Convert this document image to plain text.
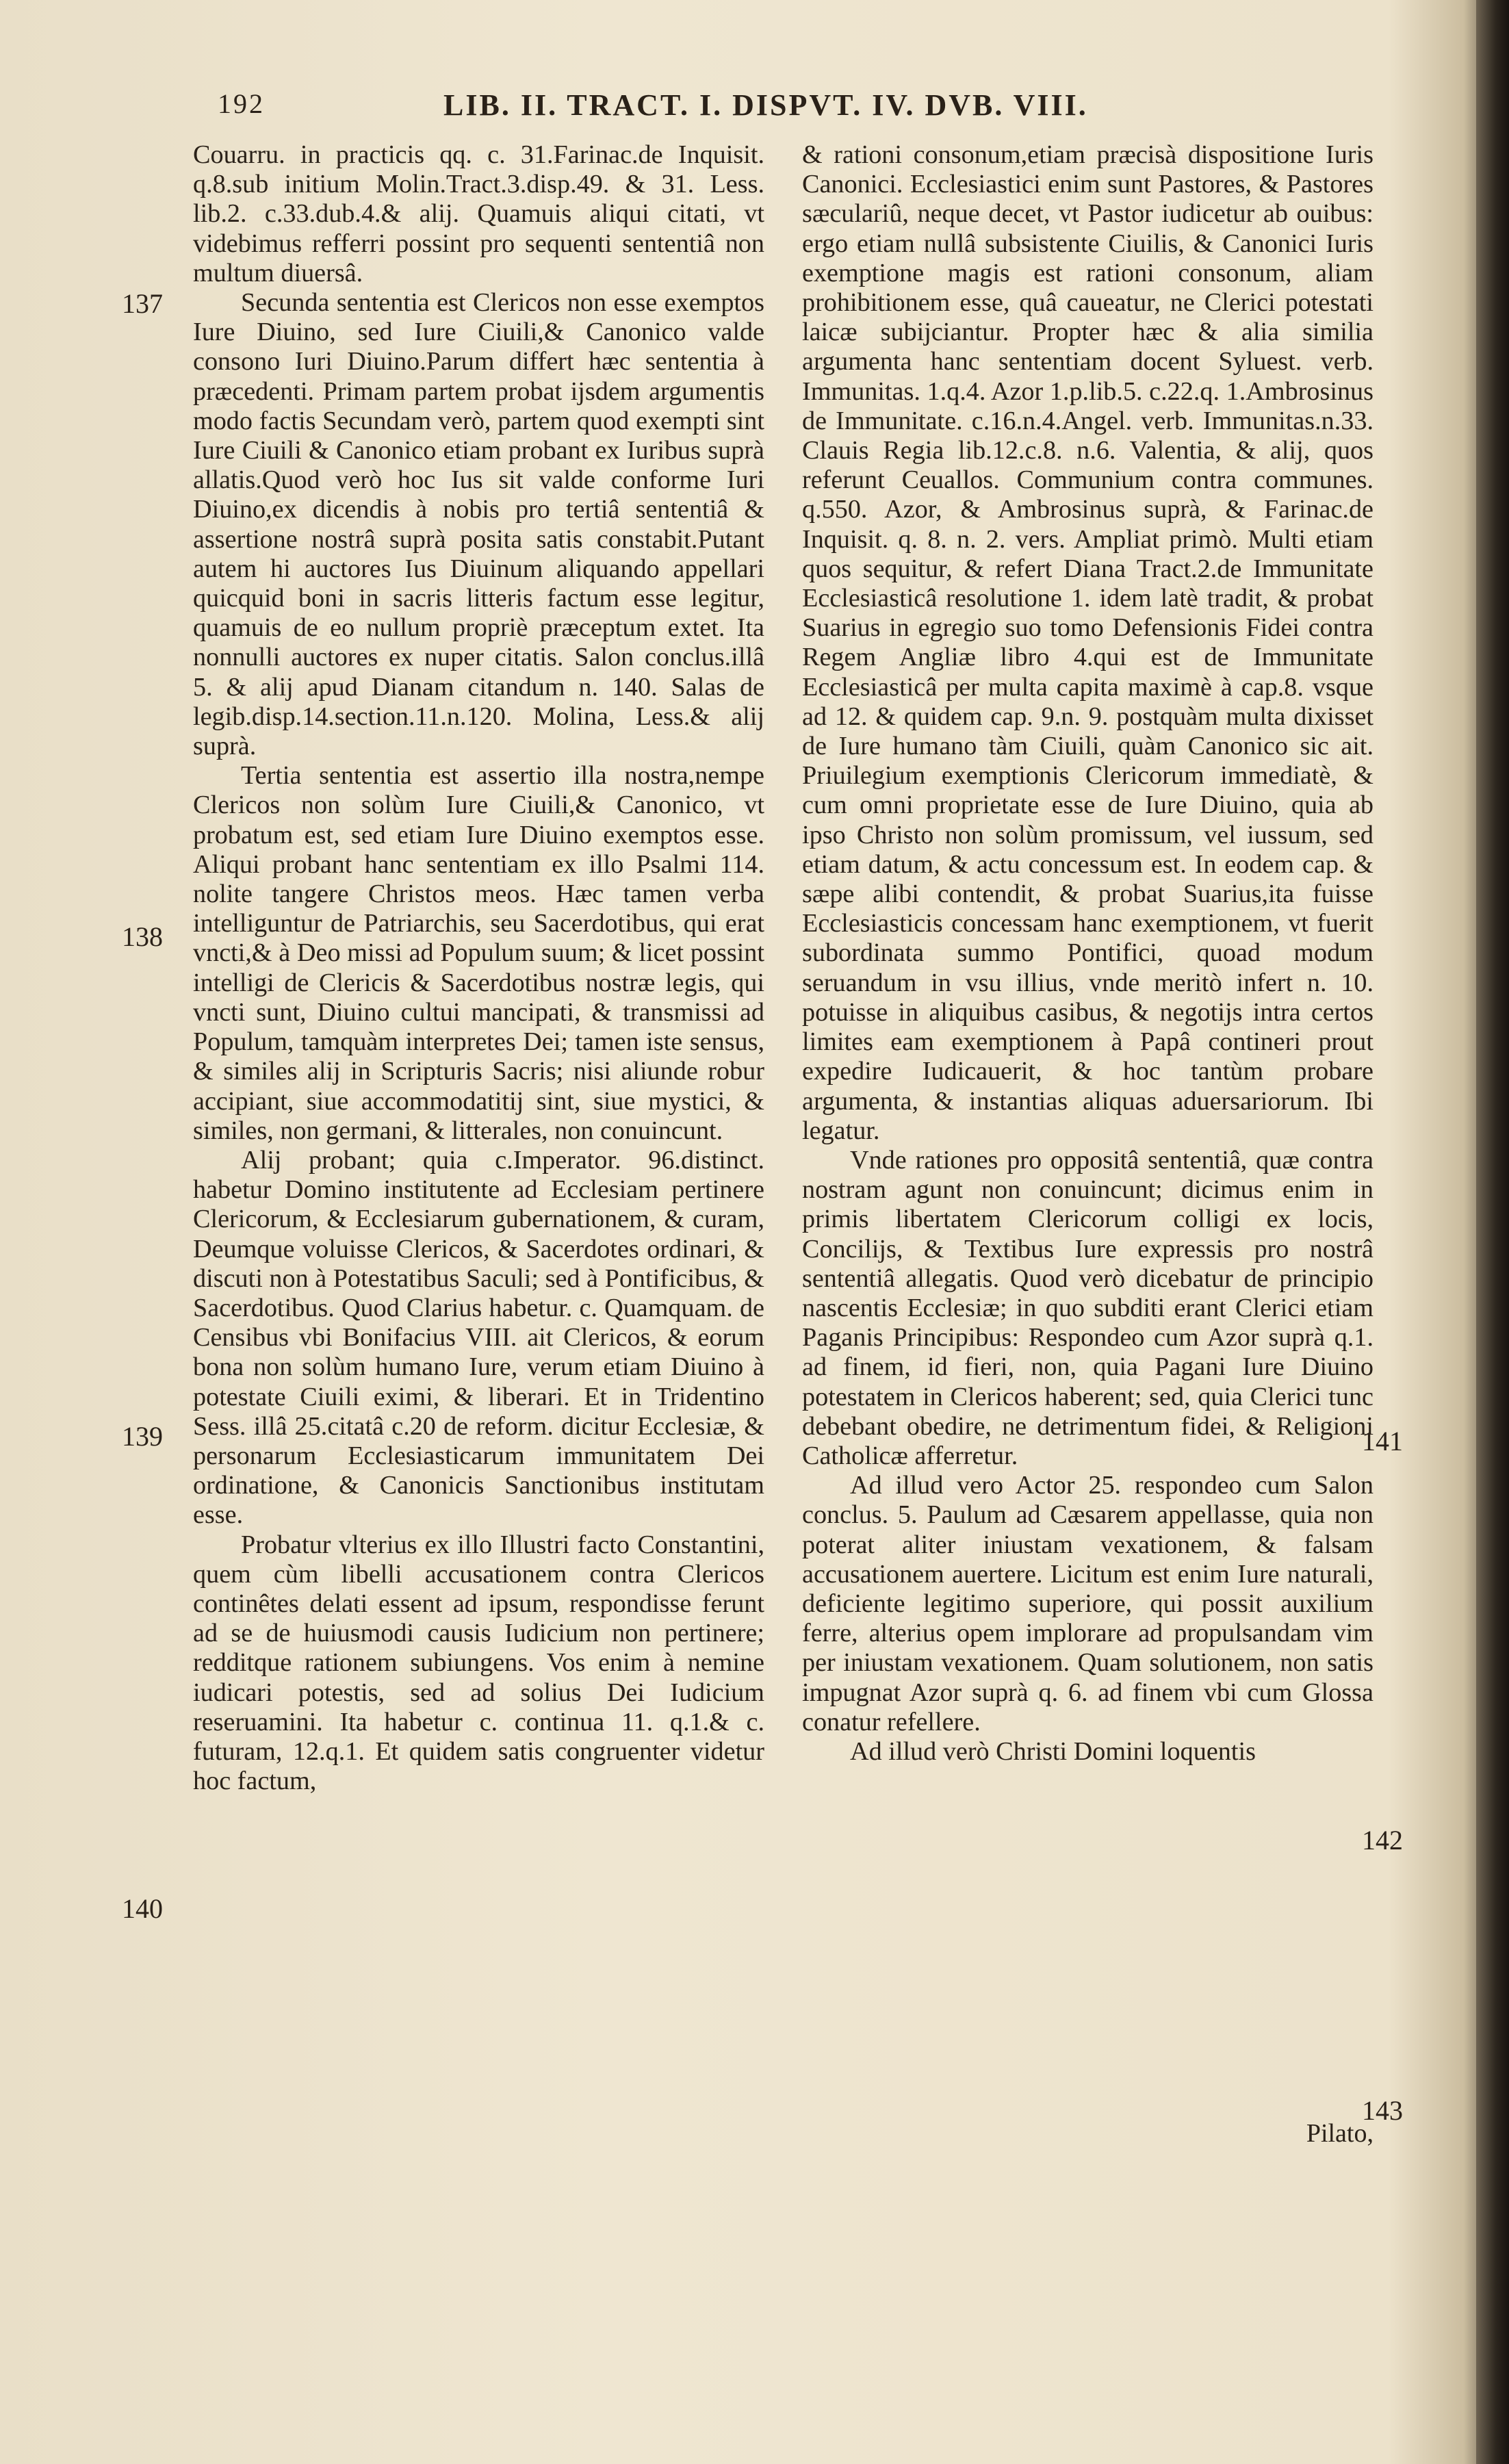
192	LIB. II. TRACT. I. DISPVT. IV. DVB. VIII.

Couarru. in practicis qq. c. 31.Farinac.de Inquisit. q.8.sub initium Molin.Tract.3.disp.49. & 31. Less. lib.2. c.33.dub.4.& alij. Quamuis aliqui citati, vt videbimus refferri possint pro sequenti sententiâ non multum diuersâ.

Secunda sententia est Clericos non esse exemptos Iure Diuino, sed Iure Ciuili,& Canonico valde consono Iuri Diuino.Parum differt hæc sententia à præcedenti. Primam partem probat ijsdem argumentis modo factis Secundam verò, partem quod exempti sint Iure Ciuili & Canonico etiam probant ex Iuribus suprà allatis.Quod verò hoc Ius sit valde conforme Iuri Diuino,ex dicendis à nobis pro tertiâ sententiâ & assertione nostrâ suprà posita satis constabit.Putant autem hi auctores Ius Diuinum aliquando appellari quicquid boni in sacris litteris factum esse legitur, quamuis de eo nullum propriè præceptum extet. Ita nonnulli auctores ex nuper citatis. Salon conclus.illâ 5. & alij apud Dianam citandum n. 140. Salas de legib.disp.14.section.11.n.120. Molina, Less.& alij suprà.

Tertia sententia est assertio illa nostra,nempe Clericos non solùm Iure Ciuili,& Canonico, vt probatum est, sed etiam Iure Diuino exemptos esse. Aliqui probant hanc sententiam ex illo Psalmi 114. nolite tangere Christos meos. Hæc tamen verba intelliguntur de Patriarchis, seu Sacerdotibus, qui erat vncti,& à Deo missi ad Populum suum; & licet possint intelligi de Clericis & Sacerdotibus nostræ legis, qui vncti sunt, Diuino cultui mancipati, & transmissi ad Populum, tamquàm interpretes Dei; tamen iste sensus, & similes alij in Scripturis Sacris; nisi aliunde robur accipiant, siue accommodatitij sint, siue mystici, & similes, non germani, & litterales, non conuincunt.

Alij probant; quia c.Imperator. 96.distinct. habetur Domino institutente ad Ecclesiam pertinere Clericorum, & Ecclesiarum gubernationem, & curam, Deumque voluisse Clericos, & Sacerdotes ordinari, & discuti non à Potestatibus Saculi; sed à Pontificibus, & Sacerdotibus. Quod Clarius habetur. c. Quamquam. de Censibus vbi Bonifacius VIII. ait Clericos, & eorum bona non solùm humano Iure, verum etiam Diuino à potestate Ciuili eximi, & liberari. Et in Tridentino Sess. illâ 25.citatâ c.20 de reform. dicitur Ecclesiæ, & personarum Ecclesiasticarum immunitatem Dei ordinatione, & Canonicis Sanctionibus institutam esse.

Probatur vlterius ex illo Illustri facto Constantini, quem cùm libelli accusationem contra Clericos continêtes delati essent ad ipsum, respondisse ferunt ad se de huiusmodi causis Iudicium non pertinere; redditque rationem subiungens. Vos enim à nemine iudicari potestis, sed ad solius Dei Iudicium reseruamini. Ita habetur c. continua 11. q.1.& c. futuram, 12.q.1. Et quidem satis congruenter videtur hoc factum,

& rationi consonum,etiam præcisà dispositione Iuris Canonici. Ecclesiastici enim sunt Pastores, & Pastores sæculariû, neque decet, vt Pastor iudicetur ab ouibus: ergo etiam nullâ subsistente Ciuilis, & Canonici Iuris exemptione magis est rationi consonum, aliam prohibitionem esse, quâ caueatur, ne Clerici potestati laicæ subijciantur. Propter hæc & alia similia argumenta hanc sententiam docent Syluest. verb. Immunitas. 1.q.4. Azor 1.p.lib.5. c.22.q. 1.Ambrosinus de Immunitate. c.16.n.4.Angel. verb. Immunitas.n.33. Clauis Regia lib.12.c.8. n.6. Valentia, & alij, quos referunt Ceuallos. Communium contra communes. q.550. Azor, & Ambrosinus suprà, & Farinac.de Inquisit. q. 8. n. 2. vers. Ampliat primò. Multi etiam quos sequitur, & refert Diana Tract.2.de Immunitate Ecclesiasticâ resolutione 1. idem latè tradit, & probat Suarius in egregio suo tomo Defensionis Fidei contra Regem Angliæ libro 4.qui est de Immunitate Ecclesiasticâ per multa capita maximè à cap.8. vsque ad 12. & quidem cap. 9.n. 9. postquàm multa dixisset de Iure humano tàm Ciuili, quàm Canonico sic ait. Priuilegium exemptionis Clericorum immediatè, & cum omni proprietate esse de Iure Diuino, quia ab ipso Christo non solùm promissum, vel iussum, sed etiam datum, & actu concessum est. In eodem cap. & sæpe alibi contendit, & probat Suarius,ita fuisse Ecclesiasticis concessam hanc exemptionem, vt fuerit subordinata summo Pontifici, quoad modum seruandum in vsu illius, vnde meritò infert n. 10. potuisse in aliquibus casibus, & negotijs intra certos limites eam exemptionem à Papâ contineri prout expedire Iudicauerit, & hoc tantùm probare argumenta, & instantias aliquas aduersariorum. Ibi legatur.

Vnde rationes pro oppositâ sententiâ, quæ contra nostram agunt non conuincunt; dicimus enim in primis libertatem Clericorum colligi ex locis, Concilijs, & Textibus Iure expressis pro nostrâ sententiâ allegatis. Quod verò dicebatur de principio nascentis Ecclesiæ; in quo subditi erant Clerici etiam Paganis Principibus: Respondeo cum Azor suprà q.1. ad finem, id fieri, non, quia Pagani Iure Diuino potestatem in Clericos haberent; sed, quia Clerici tunc debebant obedire, ne detrimentum fidei, & Religioni Catholicæ afferretur.

Ad illud vero Actor 25. respondeo cum Salon conclus. 5. Paulum ad Cæsarem appellasse, quia non poterat aliter iniustam vexationem, & falsam accusationem auertere. Licitum est enim Iure naturali, deficiente legitimo superiore, qui possit auxilium ferre, alterius opem implorare ad propulsandam vim per iniustam vexationem. Quam solutionem, non satis impugnat Azor suprà q. 6. ad finem vbi cum Glossa conatur refellere.

Ad illud verò Christi Domini loquentis

Pilato,
137
138
139
140
141
142
143
